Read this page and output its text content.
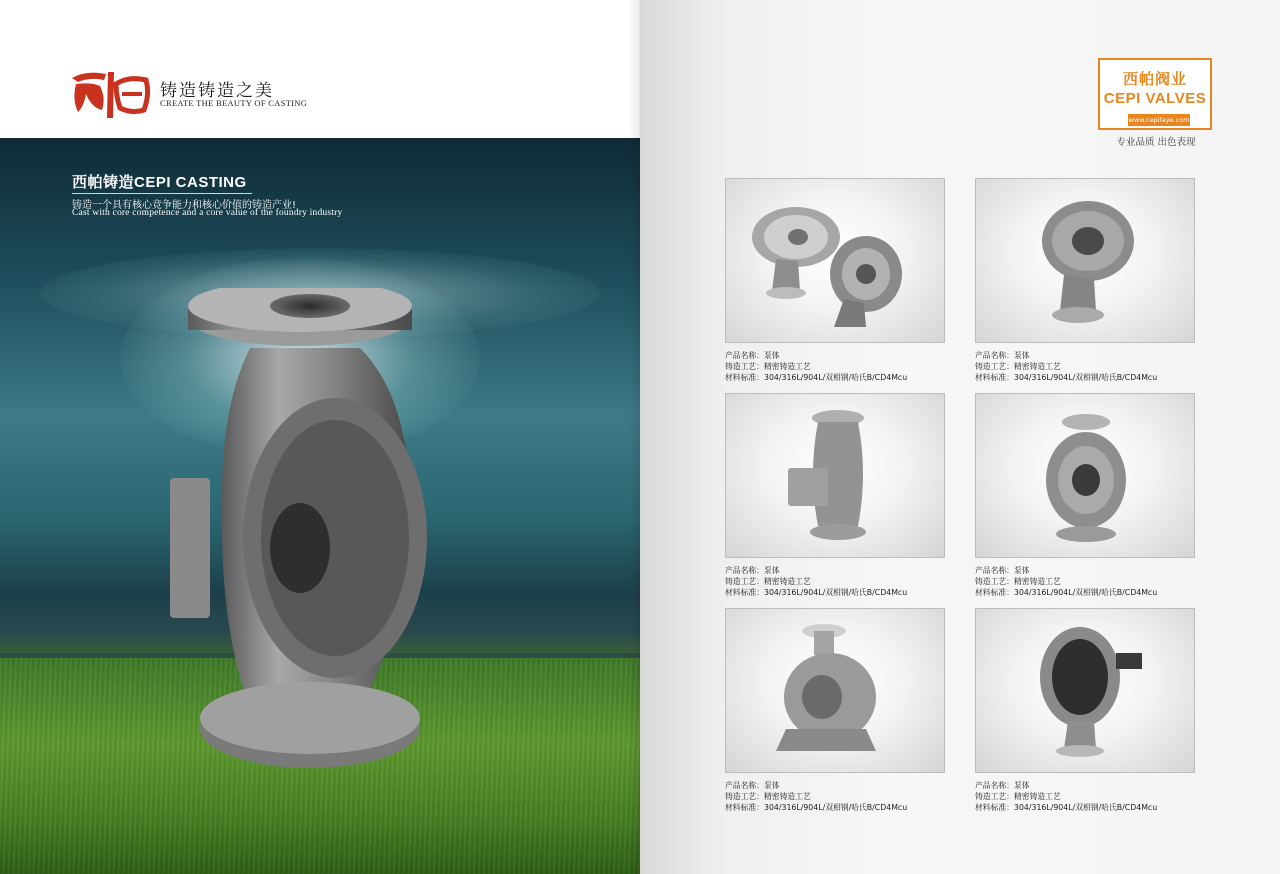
铸造铸造之美
CREATE THE BEAUTY OF CASTING
西帕铸造CEPI CASTING
铸造一个具有核心竞争能力和核心价值的铸造产业!
Cast with core competence and a core value of the foundry industry
西帕阀业
CEPI VALVES
www.cepifaye.com
专业品质 出色表现
产品名称：泵体
铸造工艺：精密铸造工艺
材料标准：304/316L/904L/双相钢/哈氏B/CD4Mcu
产品名称：泵体
铸造工艺：精密铸造工艺
材料标准：304/316L/904L/双相钢/哈氏B/CD4Mcu
产品名称：泵体
铸造工艺：精密铸造工艺
材料标准：304/316L/904L/双相钢/哈氏B/CD4Mcu
产品名称：泵体
铸造工艺：精密铸造工艺
材料标准：304/316L/904L/双相钢/哈氏B/CD4Mcu
产品名称：泵体
铸造工艺：精密铸造工艺
材料标准：304/316L/904L/双相钢/哈氏B/CD4Mcu
产品名称：泵体
铸造工艺：精密铸造工艺
材料标准：304/316L/904L/双相钢/哈氏B/CD4Mcu
